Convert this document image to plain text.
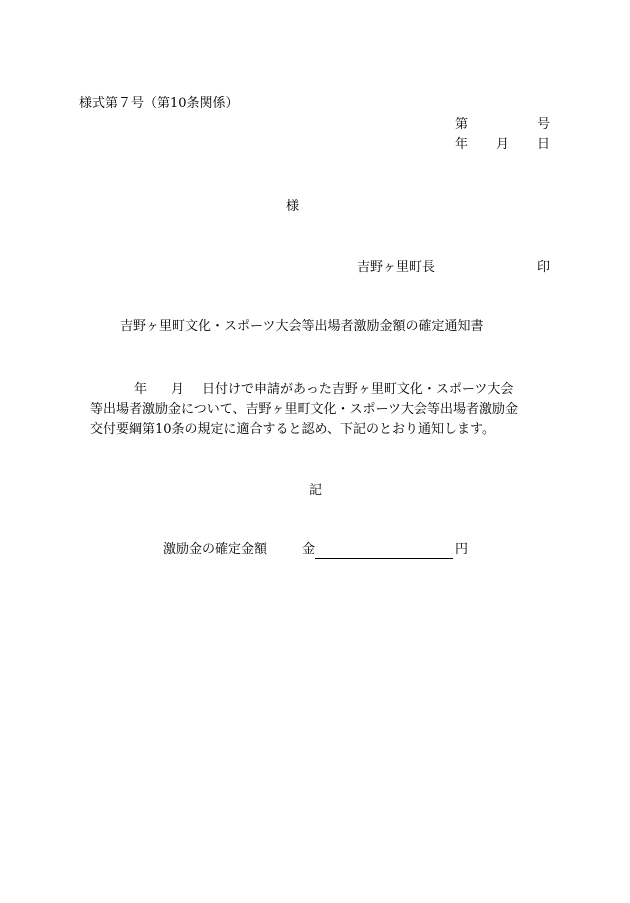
様式第７号（第10条関係）
第	号
年 月 日
様
吉野ヶ里町長	印
吉野ヶ里町文化・スポーツ大会等出場者激励金額の確定通知書
年 月 日付けで申請があった吉野ヶ里町文化・スポーツ大会
等出場者激励金について、吉野ヶ里町文化・スポーツ大会等出場者激励金
交付要綱第10条の規定に適合すると認め、下記のとおり通知します。
記
激励金の確定金額	金	円
